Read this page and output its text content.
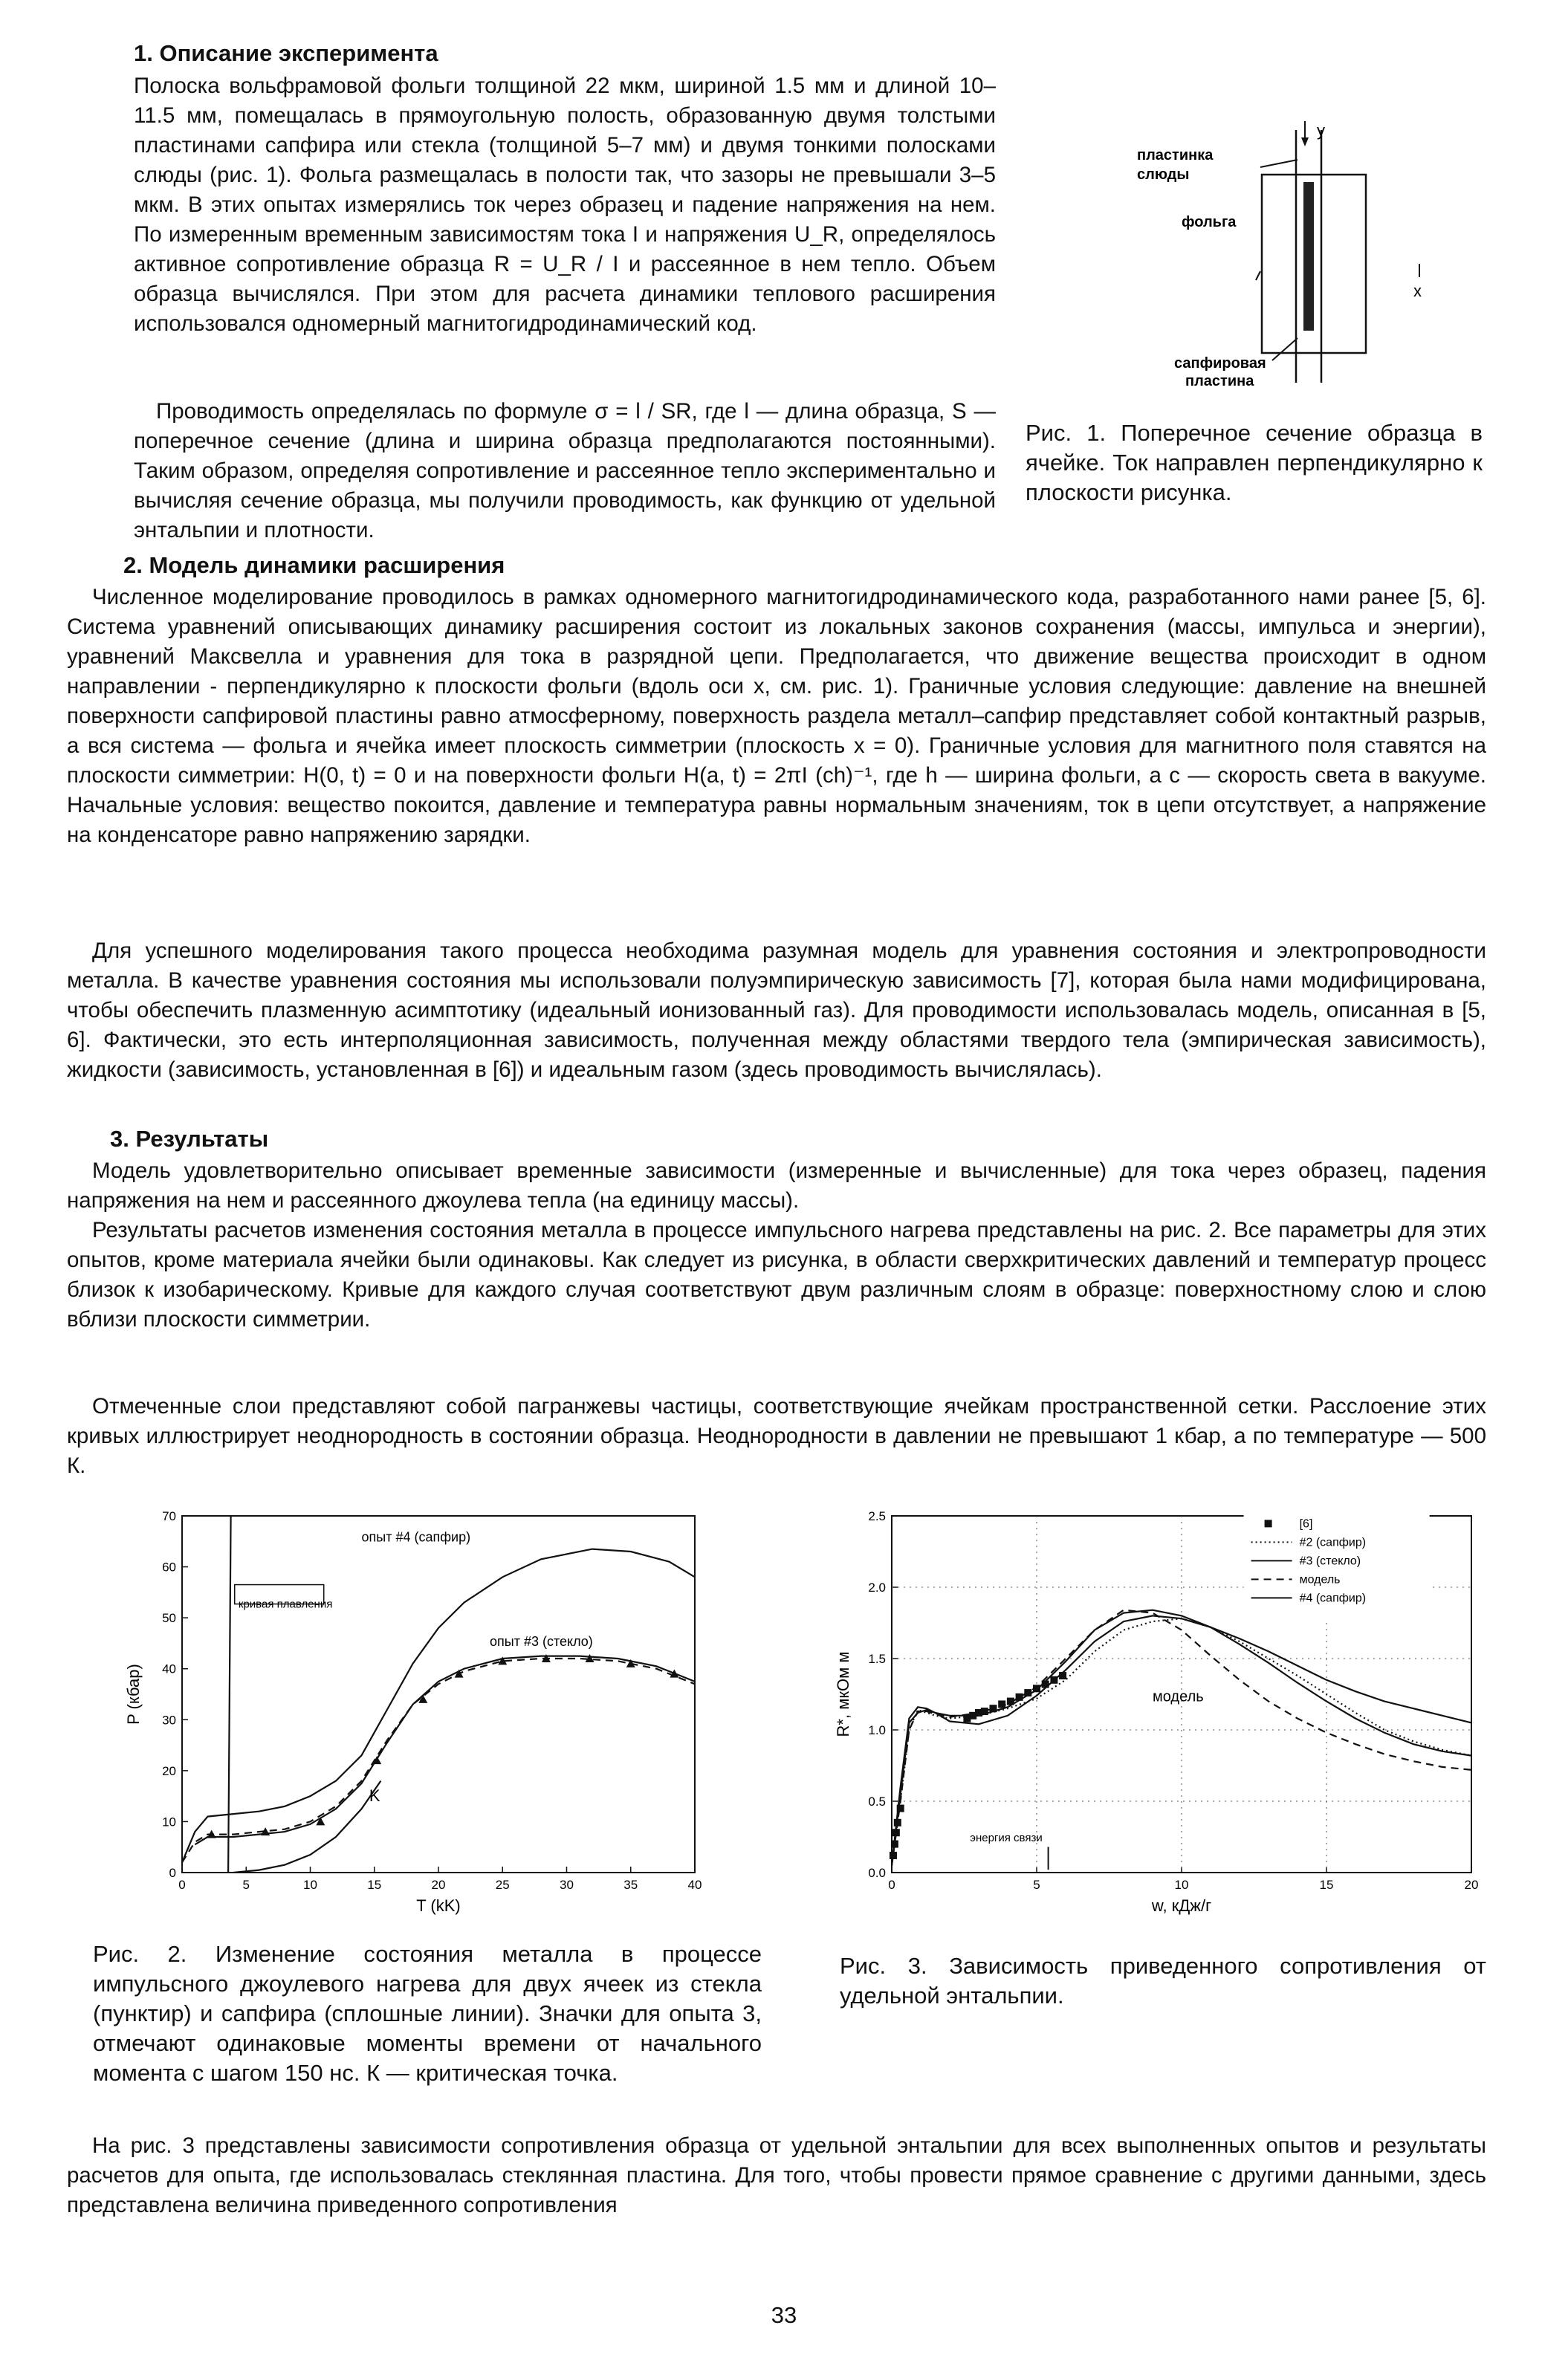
1. Описание эксперимента

Полоска вольфрамовой фольги толщиной 22 мкм, шириной 1.5 мм и длиной 10–11.5 мм, помещалась в прямоугольную полость, образованную двумя толстыми пластинами сапфира или стекла (толщиной 5–7 мм) и двумя тонкими полосками слюды (рис. 1). Фольга размещалась в полости так, что зазоры не превышали 3–5 мкм. В этих опытах измерялись ток через образец и падение напряжения на нем. По измеренным временным зависимостям тока I и напряжения U_R, определялось активное сопротивление образца R = U_R / I и рассеянное в нем тепло. Объем образца вычислялся. При этом для расчета динамики теплового расширения использовался одномерный магнитогидродинамический код.

Проводимость определялась по формуле σ = l / SR, где l — длина образца, S — поперечное сечение (длина и ширина образца предполагаются постоянными). Таким образом, определяя сопротивление и рассеянное тепло экспериментально и вычисляя сечение образца, мы получили проводимость, как функцию от удельной энтальпии и плотности.

пластинка
слюды
фольга
сапфировая
пластина
y
x

Рис. 1. Поперечное сечение образца в ячейке. Ток направлен перпендикулярно к плоскости рисунка.

2. Модель динамики расширения

Численное моделирование проводилось в рамках одномерного магнитогидродинамического кода, разработанного нами ранее [5, 6]. Система уравнений описывающих динамику расширения состоит из локальных законов сохранения (массы, импульса и энергии), уравнений Максвелла и уравнения для тока в разрядной цепи. Предполагается, что движение вещества происходит в одном направлении - перпендикулярно к плоскости фольги (вдоль оси x, см. рис. 1). Граничные условия следующие: давление на внешней поверхности сапфировой пластины равно атмосферному, поверхность раздела металл–сапфир представляет собой контактный разрыв, а вся система — фольга и ячейка имеет плоскость симметрии (плоскость x = 0). Граничные условия для магнитного поля ставятся на плоскости симметрии: H(0, t) = 0 и на поверхности фольги H(a, t) = 2πI (ch)⁻¹, где h — ширина фольги, а c — скорость света в вакууме. Начальные условия: вещество покоится, давление и температура равны нормальным значениям, ток в цепи отсутствует, а напряжение на конденсаторе равно напряжению зарядки.

Для успешного моделирования такого процесса необходима разумная модель для уравнения состояния и электропроводности металла. В качестве уравнения состояния мы использовали полуэмпирическую зависимость [7], которая была нами модифицирована, чтобы обеспечить плазменную асимптотику (идеальный ионизованный газ). Для проводимости использовалась модель, описанная в [5, 6]. Фактически, это есть интерполяционная зависимость, полученная между областями твердого тела (эмпирическая зависимость), жидкости (зависимость, установленная в [6]) и идеальным газом (здесь проводимость вычислялась).

3. Результаты

Модель удовлетворительно описывает временные зависимости (измеренные и вычисленные) для тока через образец, падения напряжения на нем и рассеянного джоулева тепла (на единицу массы).

Результаты расчетов изменения состояния металла в процессе импульсного нагрева представлены на рис. 2. Все параметры для этих опытов, кроме материала ячейки были одинаковы. Как следует из рисунка, в области сверхкритических давлений и температур процесс близок к изобарическому. Кривые для каждого случая соответствуют двум различным слоям в образце: поверхностному слою и слою вблизи плоскости симметрии.

Отмеченные слои представляют собой пагранжевы частицы, соответствующие ячейкам пространственной сетки. Расслоение этих кривых иллюстрирует неоднородность в состоянии образца. Неоднородности в давлении не превышают 1 кбар, а по температуре — 500 К.

0	5	10	15	20	25	30	35	40
0
10
20
30
40
50
60
70
T (kK)
P (кбар)
опыт #4 (сапфир)
опыт #3 (стекло)
кривая плавления
K

Рис. 2. Изменение состояния металла в процессе импульсного джоулевого нагрева для двух ячеек из стекла (пунктир) и сапфира (сплошные линии). Значки для опыта 3, отмечают одинаковые моменты времени от начального момента с шагом 150 нс. К — критическая точка.

0	5	10	15	20
0.0
0.5
1.0
1.5
2.0
2.5
w, кДж/г
R*, мкОм м
[6]
#2 (сапфир)
#3 (стекло)
модель
#4 (сапфир)
модель
энергия связи

Рис. 3. Зависимость приведенного сопротивления от удельной энтальпии.

На рис. 3 представлены зависимости сопротивления образца от удельной энтальпии для всех выполненных опытов и результаты расчетов для опыта, где использовалась стеклянная пластина. Для того, чтобы провести прямое сравнение с другими данными, здесь представлена величина приведенного сопротивления

33
